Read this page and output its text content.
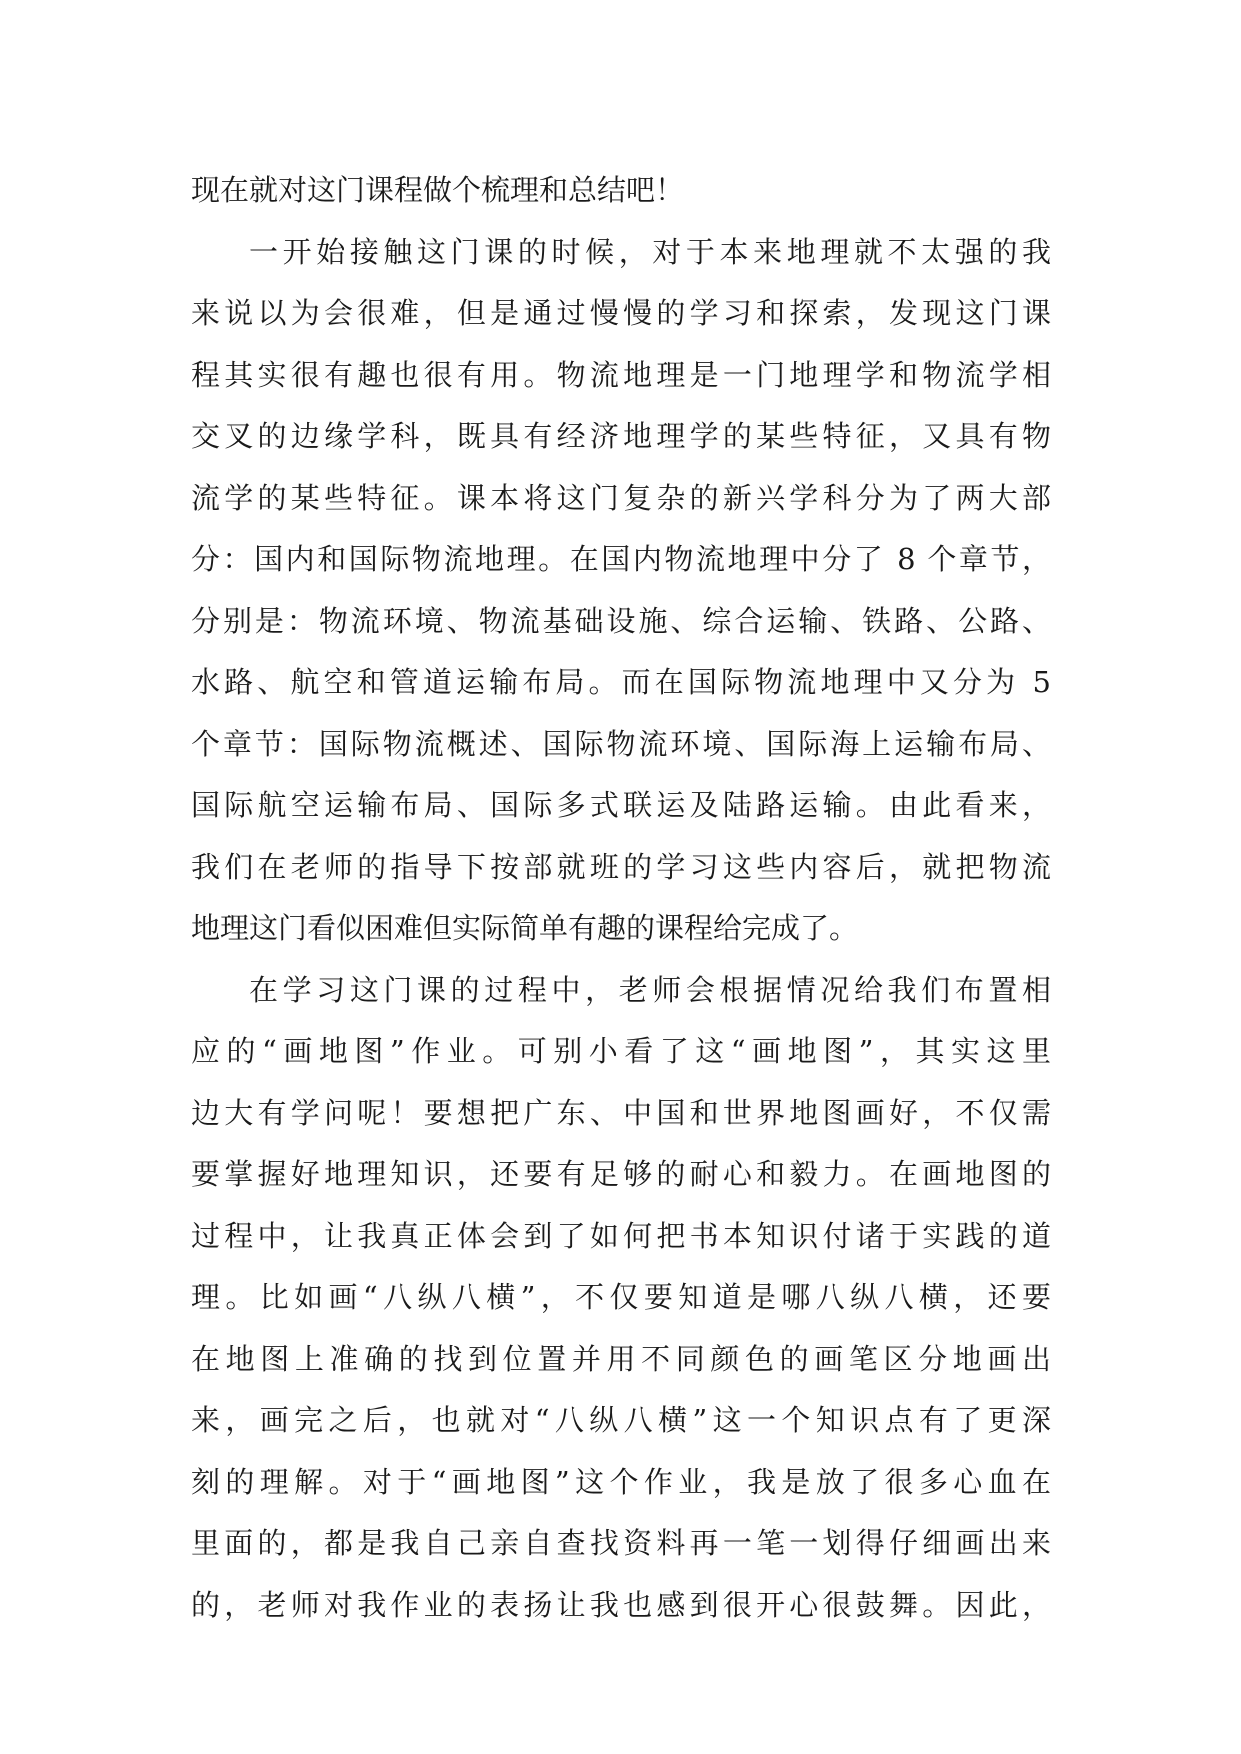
现在就对这门课程做个梳理和总结吧！
一开始接触这门课的时候，对于本来地理就不太强的我
来说以为会很难，但是通过慢慢的学习和探索，发现这门课
程其实很有趣也很有用。物流地理是一门地理学和物流学相
交叉的边缘学科，既具有经济地理学的某些特征，又具有物
流学的某些特征。课本将这门复杂的新兴学科分为了两大部
分：国内和国际物流地理。在国内物流地理中分了 8 个章节，
分别是：物流环境、物流基础设施、综合运输、铁路、公路、
水路、航空和管道运输布局。而在国际物流地理中又分为 5
个章节：国际物流概述、国际物流环境、国际海上运输布局、
国际航空运输布局、国际多式联运及陆路运输。由此看来，
我们在老师的指导下按部就班的学习这些内容后，就把物流
地理这门看似困难但实际简单有趣的课程给完成了。
在学习这门课的过程中，老师会根据情况给我们布置相
应的“画地图”作业。可别小看了这“画地图”，其实这里
边大有学问呢！要想把广东、中国和世界地图画好，不仅需
要掌握好地理知识，还要有足够的耐心和毅力。在画地图的
过程中，让我真正体会到了如何把书本知识付诸于实践的道
理。比如画“八纵八横”，不仅要知道是哪八纵八横，还要
在地图上准确的找到位置并用不同颜色的画笔区分地画出
来，画完之后，也就对“八纵八横”这一个知识点有了更深
刻的理解。对于“画地图”这个作业，我是放了很多心血在
里面的，都是我自己亲自查找资料再一笔一划得仔细画出来
的，老师对我作业的表扬让我也感到很开心很鼓舞。因此，
